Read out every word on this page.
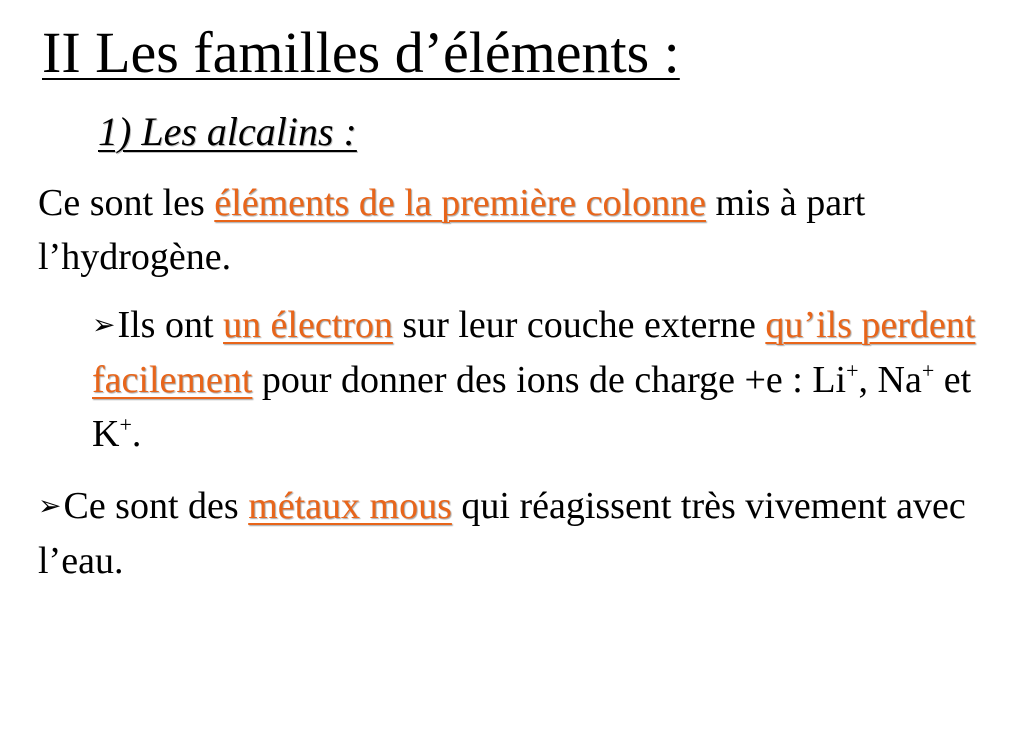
II Les familles d’éléments :
1) Les alcalins :

Ce sont les éléments de la première colonne mis à part l’hydrogène.

➢Ils ont un électron sur leur couche externe qu’ils perdent facilement pour donner des ions de charge +e : Li+, Na+ et K+.

➢Ce sont des métaux mous qui réagissent très vivement avec l’eau.
